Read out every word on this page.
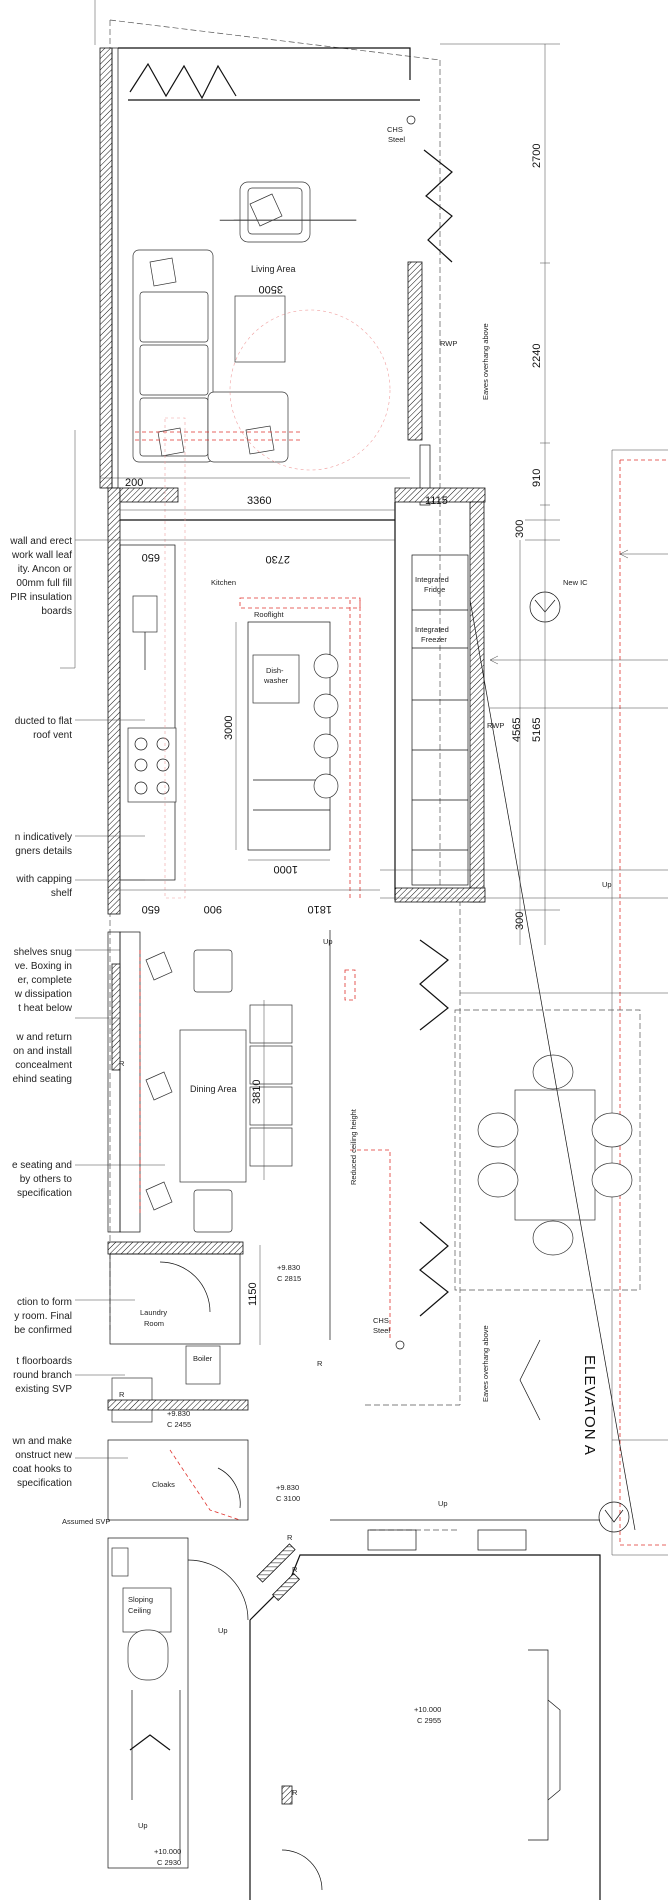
Living Area
CHS
Steel
RWP	Eaves overhang above
Kitchen
Rooflight
Dish-
washer
Integrated
Fridge
Integrated
Freezer
RWP
New IC
Dining Area
Reduced ceiling height
CHS
Steel	Eaves overhang above
R
Laundry
Room
Boiler
Cloaks
Assumed SVP
R
Sloping
Ceiling
Up
Up
Up
Up
Up
R
R
R
R
+9.830
C 2815
+9.830
C 2455
+9.830
C 3100
+10.000
C 2955
+10.000
C 2930
ELEVATON A
2700
2240
910
300
4565 5165
300
3500
200
3360	1115
650	2730
3000
1000
650	900	1810
3810
1150
wall and erect
work wall leaf
ity. Ancon or
00mm full fill
PIR insulation
boards
ducted to flat
roof vent
n indicatively
gners details
with capping
shelf
shelves snug
ve. Boxing in
er, complete
w dissipation
t heat below
w and return
on and install
concealment
ehind seating
e seating and
by others to
specification
ction to form
y room. Final
be confirmed
t floorboards
round branch
existing SVP
wn and make
onstruct new
coat hooks to
specification
